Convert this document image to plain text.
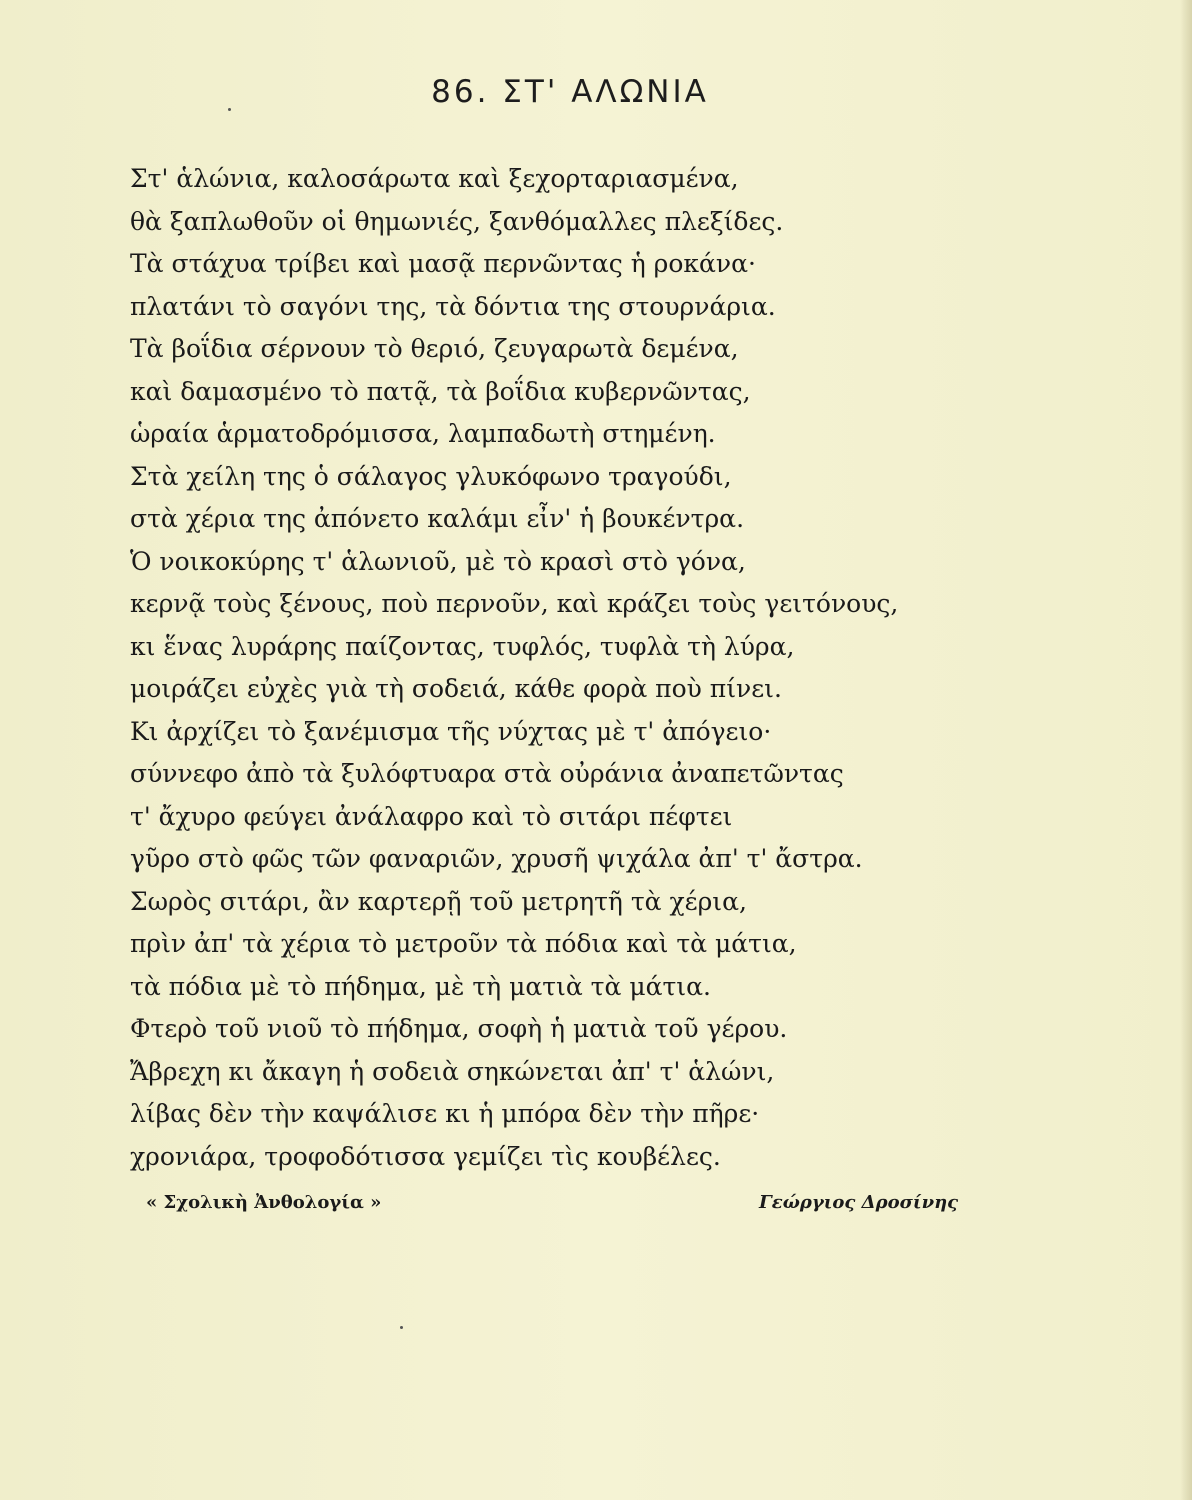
86. ΣΤ' ΑΛΩΝΙΑ
Στ' ἁλώνια, καλοσάρωτα καὶ ξεχορταριασμένα,
θὰ ξαπλωθοῦν οἱ θημωνιές, ξανθόμαλλες πλεξίδες.
Τὰ στάχυα τρίβει καὶ μασᾷ περνῶντας ἡ ροκάνα·
πλατάνι τὸ σαγόνι της, τὰ δόντια της στουρνάρια.
Τὰ βοΐδια σέρνουν τὸ θεριό, ζευγαρωτὰ δεμένα,
καὶ δαμασμένο τὸ πατᾷ, τὰ βοΐδια κυβερνῶντας,
ὡραία ἁρματοδρόμισσα, λαμπαδωτὴ στημένη.
Στὰ χείλη της ὁ σάλαγος γλυκόφωνο τραγούδι,
στὰ χέρια της ἀπόνετο καλάμι εἶν' ἡ βουκέντρα.
Ὁ νοικοκύρης τ' ἁλωνιοῦ, μὲ τὸ κρασὶ στὸ γόνα,
κερνᾷ τοὺς ξένους, ποὺ περνοῦν, καὶ κράζει τοὺς γειτόνους,
κι ἕνας λυράρης παίζοντας, τυφλός, τυφλὰ τὴ λύρα,
μοιράζει εὐχὲς γιὰ τὴ σοδειά, κάθε φορὰ ποὺ πίνει.
Κι ἀρχίζει τὸ ξανέμισμα τῆς νύχτας μὲ τ' ἀπόγειο·
σύννεφο ἀπὸ τὰ ξυλόφτυαρα στὰ οὐράνια ἀναπετῶντας
τ' ἄχυρο φεύγει ἀνάλαφρο καὶ τὸ σιτάρι πέφτει
γῦρο στὸ φῶς τῶν φαναριῶν, χρυσῆ ψιχάλα ἀπ' τ' ἄστρα.
Σωρὸς σιτάρι, ἂν καρτερῇ τοῦ μετρητῆ τὰ χέρια,
πρὶν ἀπ' τὰ χέρια τὸ μετροῦν τὰ πόδια καὶ τὰ μάτια,
τὰ πόδια μὲ τὸ πήδημα, μὲ τὴ ματιὰ τὰ μάτια.
Φτερὸ τοῦ νιοῦ τὸ πήδημα, σοφὴ ἡ ματιὰ τοῦ γέρου.
Ἄβρεχη κι ἄκαγη ἡ σοδειὰ σηκώνεται ἀπ' τ' ἁλώνι,
λίβας δὲν τὴν καψάλισε κι ἡ μπόρα δὲν τὴν πῆρε·
χρονιάρα, τροφοδότισσα γεμίζει τὶς κουβέλες.
« Σχολικὴ Ἀνθολογία »	Γεώργιος Δροσίνης
